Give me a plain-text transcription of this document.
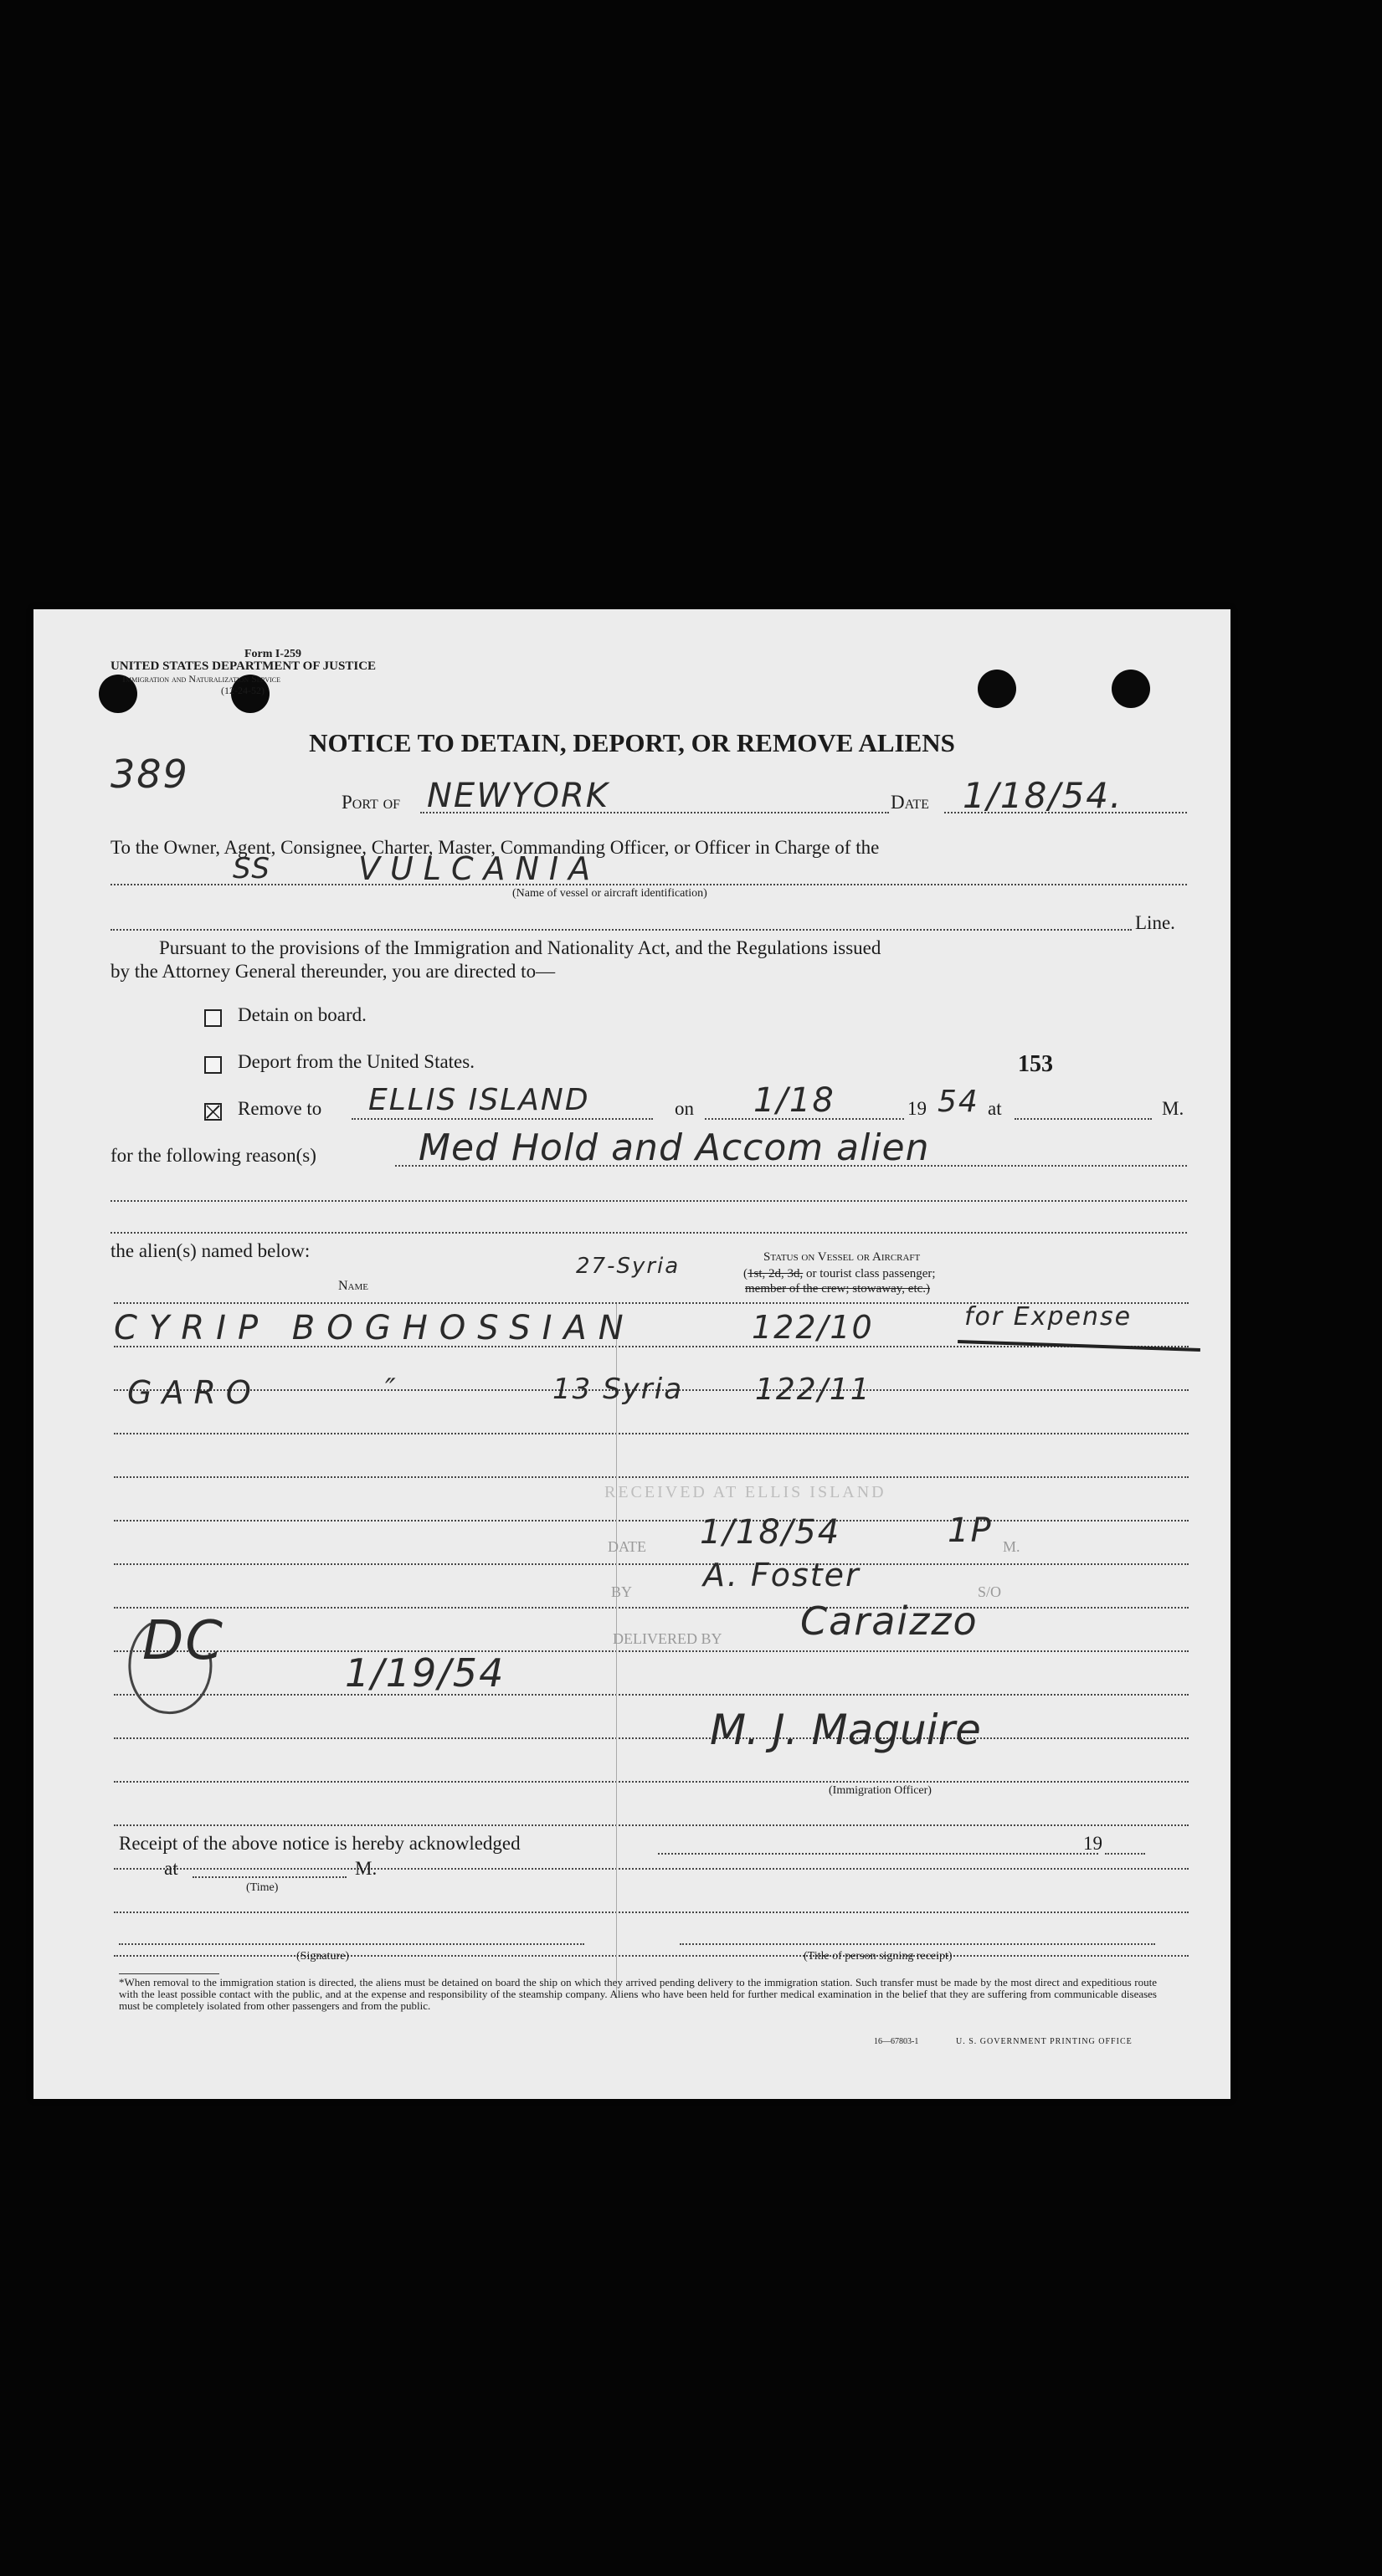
Form I-259
UNITED STATES DEPARTMENT OF JUSTICE
Immigration and Naturalization Service
(12-24-52)
NOTICE TO DETAIN, DEPORT, OR REMOVE ALIENS
389
Port of NEWYORK	Date 1/18/54.
To the Owner, Agent, Consignee, Charter, Master, Commanding Officer, or Officer in Charge of the
SS	VULCANIA
(Name of vessel or aircraft identification)
Line.
Pursuant to the provisions of the Immigration and Nationality Act, and the Regulations issued
by the Attorney General thereunder, you are directed to—
Detain on board.
Deport from the United States.	153
Remove to ELLIS ISLAND	on 1/18	19 54 at	M.
for the following reason(s)	Med Hold and Accom alien
the alien(s) named below:
Name
Status on Vessel or Aircraft
(1st, 2d, 3d, or tourist class passenger;
member of the crew; stowaway, etc.)
27-Syria
CYRIP BOGHOSSIAN	122/10	for Expense
GARO	″	13 Syria 122/11
RECEIVED AT ELLIS ISLAND
DATE 1/18/54	1P M.
BY A. Foster	S/O
DELIVERED BY Caraizzo
DC
1/19/54
M. J. Maguire
(Immigration Officer)
Receipt of the above notice is hereby acknowledged	19
at	M.
(Time)
(Signature)	(Title of person signing receipt)
*When removal to the immigration station is directed, the aliens must be detained on board the ship on which they arrived pending delivery to the immigration station. Such transfer must be made by the most direct and expeditious route with the least possible contact with the public, and at the expense and responsibility of the steamship company. Aliens who have been held for further medical examination in the belief that they are suffering from communicable diseases must be completely isolated from other passengers and from the public.
16—67803-1	U. S. GOVERNMENT PRINTING OFFICE
